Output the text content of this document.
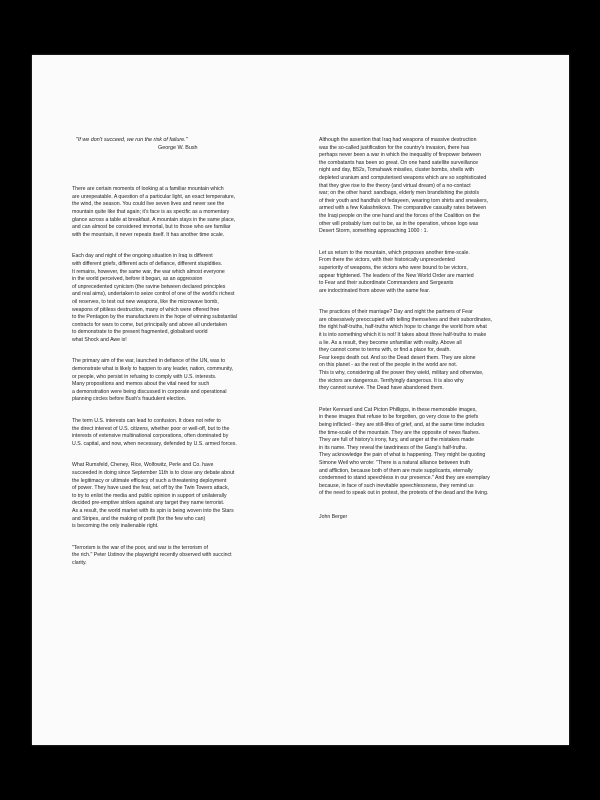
"If we don't succeed, we run the risk of failure."
George W. Bush

There are certain moments of looking at a familiar mountain which
are unrepeatable. A question of a particular light, an exact temperature,
the wind, the season. You could live seven lives and never see the
mountain quite like that again; it's face is as specific as a momentary
glance across a table at breakfast. A mountain stays in the same place,
and can almost be considered immortal, but to those who are familiar
with the mountain, it never repeats itself. It has another time scale.

Each day and night of the ongoing situation in Iraq is different
with different griefs, different acts of defiance, different stupidities.
It remains, however, the same war, the war which almost everyone
in the world perceived, before it began, as an aggression
of unprecedented cynicism (the ravine between declared principles
and real aims), undertaken to seize control of one of the world's richest
oil reserves, to test out new weapons, like the microwave bomb,
weapons of pitiless destruction, many of which were offered free
to the Pentagon by the manufacturers in the hope of winning substantial
contracts for wars to come, but principally and above all undertaken
to demonstrate to the present fragmented, globalised world
what Shock and Awe is!

The primary aim of the war, launched in defiance of the UN, was to
demonstrate what is likely to happen to any leader, nation, community,
or people, who persist in refusing to comply with U.S. interests.
Many propositions and memos about the vital need for such
a demonstration were being discussed in corporate and operational
planning circles before Bush's fraudulent election.

The term U.S. interests can lead to confusion. It does not refer to
the direct interest of U.S. citizens, whether poor or well-off, but to the
interests of extensive multinational corporations, often dominated by
U.S. capital, and now, when necessary, defended by U.S. armed forces.

What Rumsfeld, Cheney, Rice, Wolfowitz, Perle and Co. have
succeeded in doing since September 11th is to close any debate about
the legitimacy or ultimate efficacy of such a threatening deployment
of power. They have used the fear, set off by the Twin Towers attack,
to try to enlist the media and public opinion in support of unilaterally
decided pre-emptive strikes against any target they name terrorist.
As a result, the world market with its spin is being woven into the Stars
and Stripes, and the making of profit (for the few who can)
is becoming the only inalienable right.

"Terrorism is the war of the poor, and war is the terrorism of
the rich." Peter Ustinov the playwright recently observed with succinct
clarity.

Although the assertion that Iraq had weapons of massive destruction
was the so-called justification for the country's invasion, there has
perhaps never been a war in which the inequality of firepower between
the combatants has been so great. On one hand satellite surveillance
night and day, B52s, Tomahawk missiles, cluster bombs, shells with
depleted uranium and computerised weapons which are so sophisticated
that they give rise to the theory (and virtual dream) of a no-contact
war; on the other hand: sandbags, elderly men brandishing the pistols
of their youth and handfuls of fedayeen, wearing torn shirts and sneakers,
armed with a few Kalashnikovs. The comparative casualty rates between
the Iraqi people on the one hand and the forces of the Coalition on the
other will probably turn out to be, as in the operation, whose logo was
Desert Storm, something approaching 1000 : 1.

Let us return to the mountain, which proposes another time-scale.
From there the victors, with their historically unprecedented
superiority of weapons, the victors who were bound to be victors,
appear frightened. The leaders of the New World Order are married
to Fear and their subordinate Commanders and Sergeants
are indoctrinated from above with the same fear.

The practices of their marriage? Day and night the partners of Fear
are obsessively preoccupied with telling themselves and their subordinates,
the right half-truths, half-truths which hope to change the world from what
it is into something which it is not! It takes about three half-truths to make
a lie. As a result, they become unfamiliar with reality. Above all
they cannot come to terms with, or find a place for, death.
Fear keeps death out. And so the Dead desert them. They are alone
on this planet - as the rest of the people in the world are not.
This is why, considering all the power they wield, military and otherwise,
the victors are dangerous. Terrifyingly dangerous. It is also why
they cannot survive. The Dead have abandoned them.

Peter Kennard and Cat Picton Phillipps, in these memorable images,
in these images that refuse to be forgotten, go very close to the griefs
being inflicted - they are still-lifes of grief, and, at the same time includes
the time-scale of the mountain. They are the opposite of news flashes.
They are full of history's irony, fury, and anger at the mistakes made
in its name. They reveal the tawdriness of the Gang's half-truths.
They acknowledge the pain of what is happening. They might be quoting
Simone Weil who wrote: "There is a natural alliance between truth
and affliction, because both of them are mute supplicants, eternally
condemned to stand speechless in our presence." And they are exemplary
because, in face of such inevitable speechlessness, they remind us
of the need to speak out in protest, the protests of the dead and the living.

John Berger
